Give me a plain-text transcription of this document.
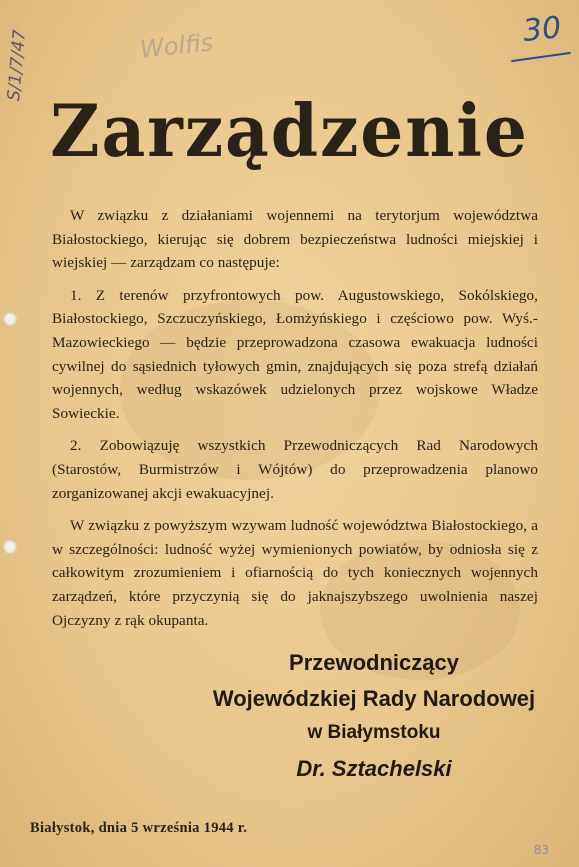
30
S/1/7/47	Wolfis
Zarządzenie

W związku z działaniami wojennemi na terytorjum województwa Białostockiego, kierując się dobrem bezpieczeństwa ludności miejskiej i wiejskiej — zarządzam co następuje:

1. Z terenów przyfrontowych pow. Augustowskiego, Sokólskiego, Białostockiego, Szczuczyńskiego, Łomżyńskiego i częściowo pow. Wyś.-Mazowieckiego — będzie przeprowadzona czasowa ewakuacja ludności cywilnej do sąsiednich tyłowych gmin, znajdujących się poza strefą działań wojennych, według wskazówek udzielonych przez wojskowe Władze Sowieckie.

2. Zobowiązuję wszystkich Przewodniczących Rad Narodowych (Starostów, Burmistrzów i Wójtów) do przeprowadzenia planowo zorganizowanej akcji ewakuacyjnej.

W związku z powyższym wzywam ludność województwa Białostockiego, a w szczególności: ludność wyżej wymienionych powiatów, by odniosła się z całkowitym zrozumieniem i ofiarnością do tych koniecznych wojennych zarządzeń, które przyczynią się do jaknajszybszego uwolnienia naszej Ojczyzny z rąk okupanta.

Przewodniczący
Wojewódzkiej Rady Narodowej
w Białymstoku
Dr. Sztachelski
Białystok, dnia 5 września 1944 r.
83
